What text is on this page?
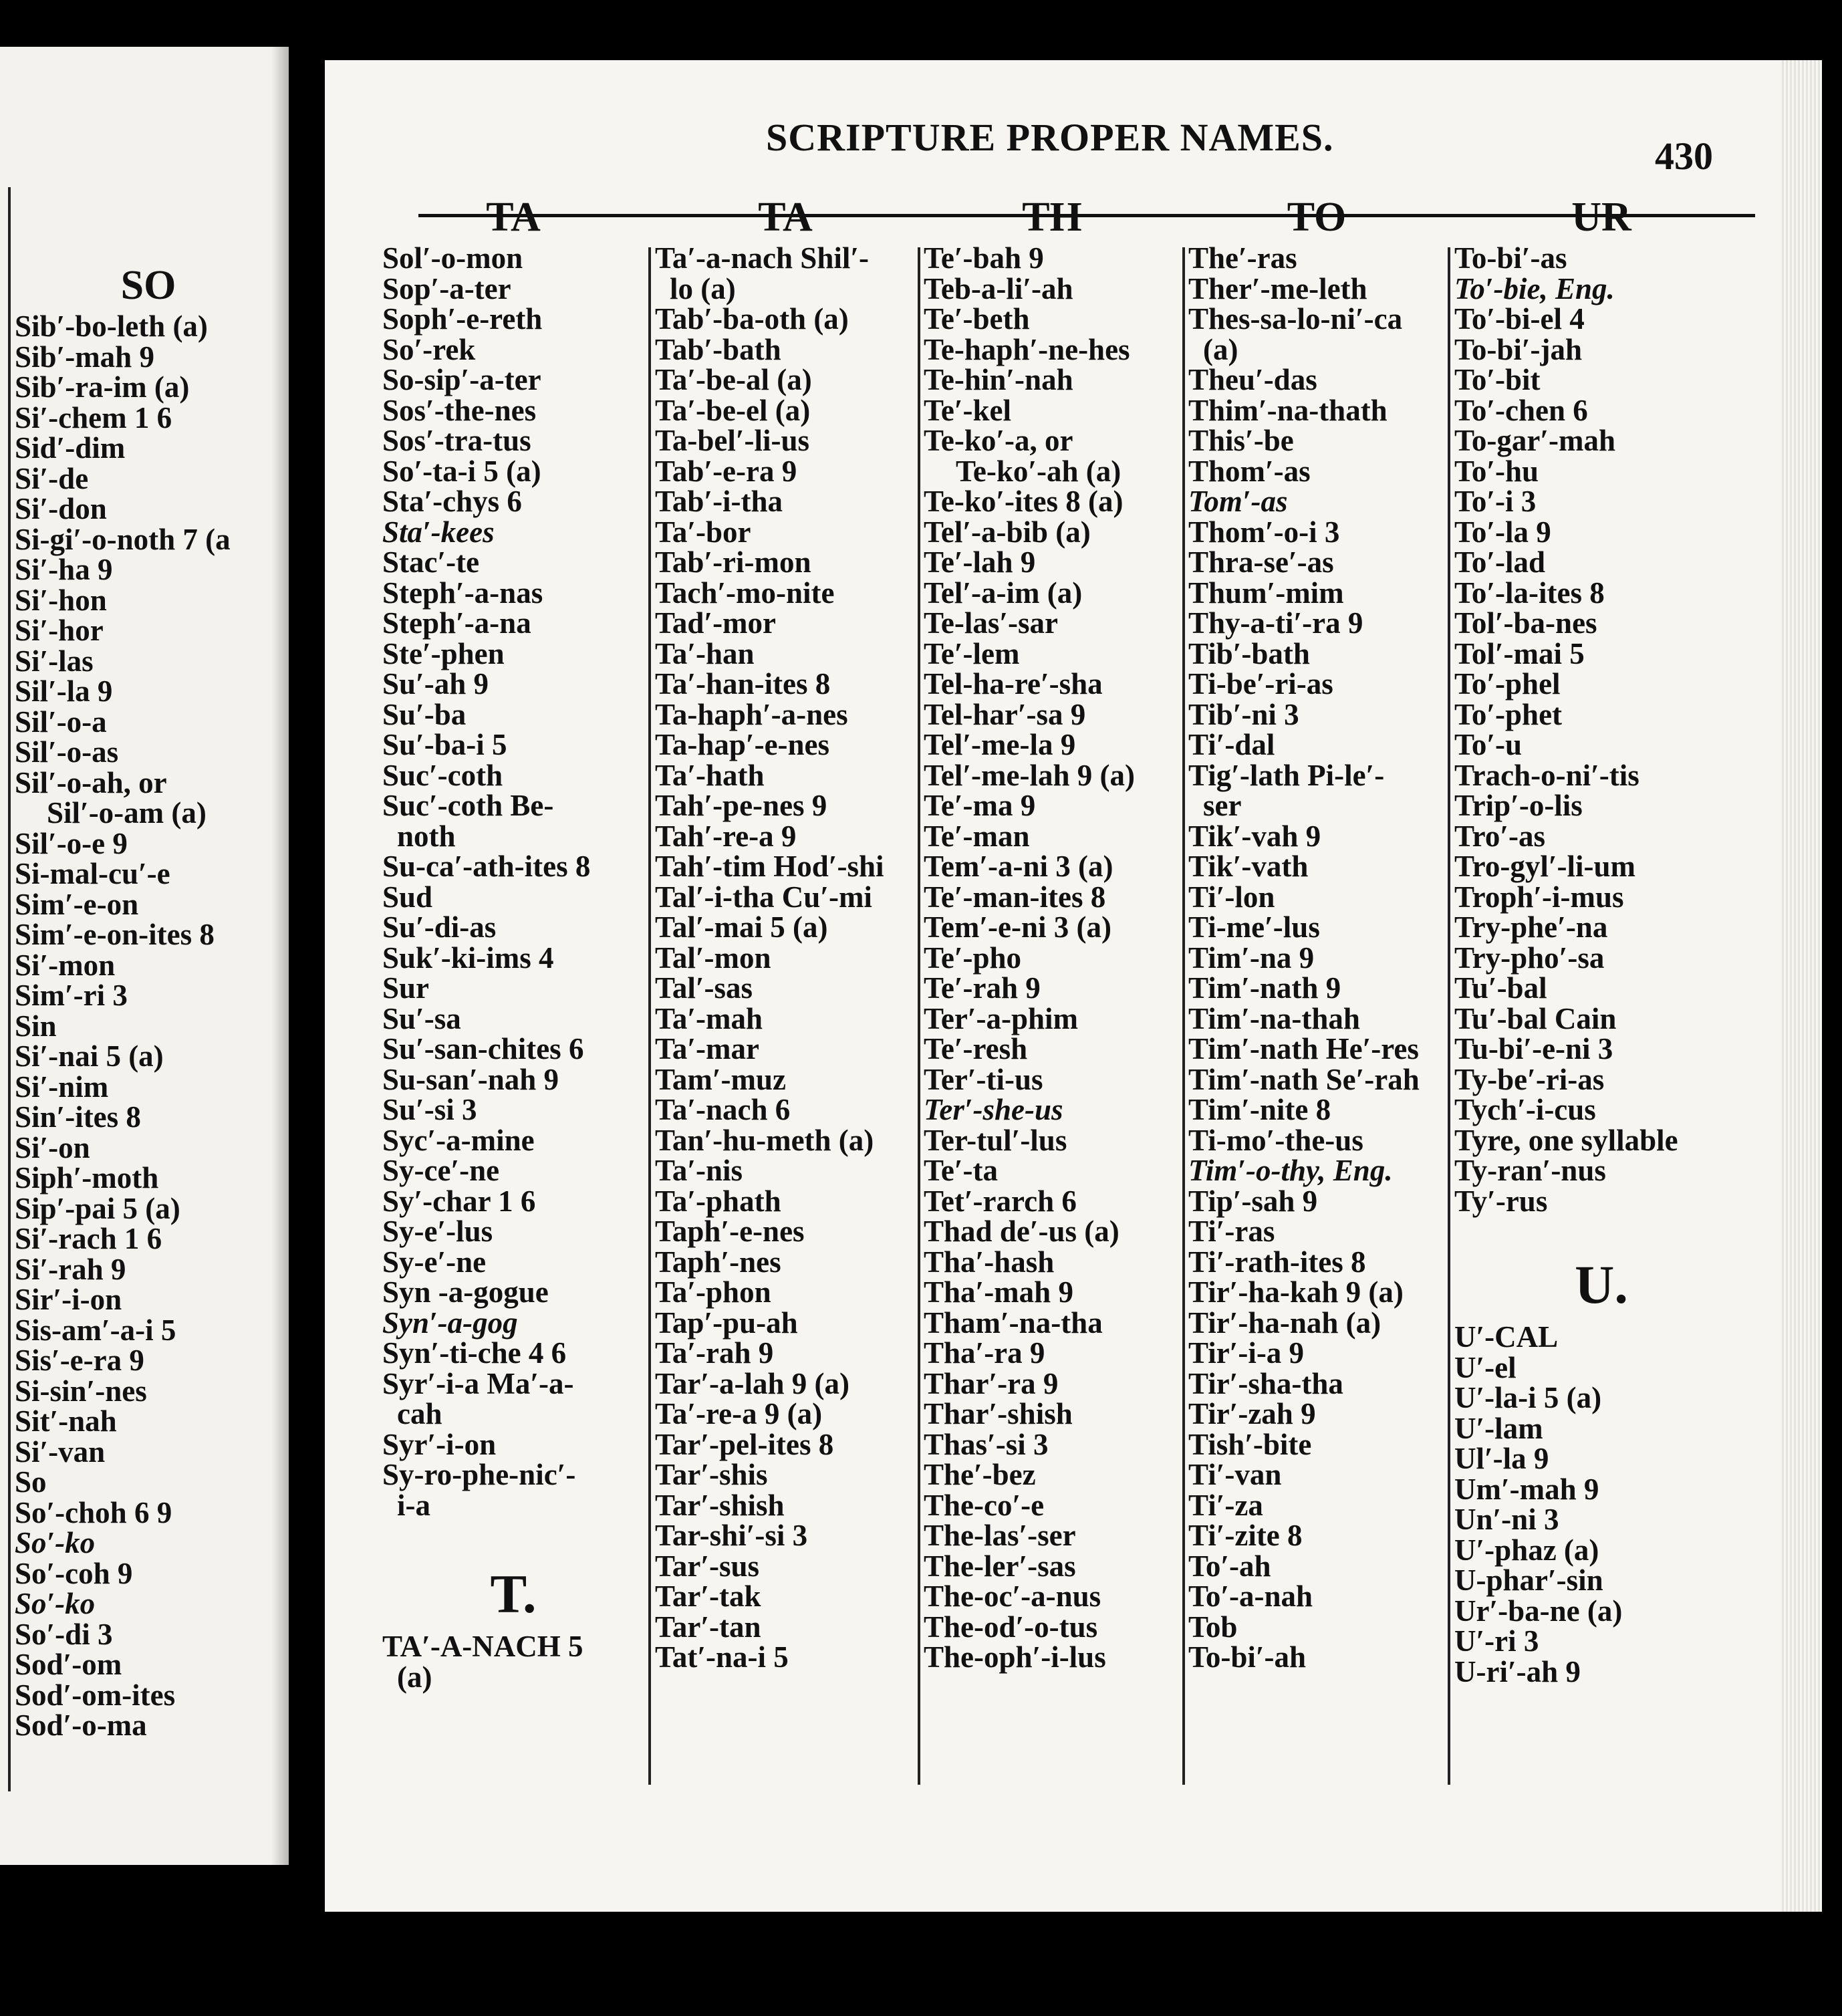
SO
Sib′-bo-leth (a)
Sib′-mah 9
Sib′-ra-im (a)
Si′-chem 1 6
Sid′-dim
Si′-de
Si′-don
Si-gi′-o-noth 7 (a
Si′-ha 9
Si′-hon
Si′-hor
Si′-las
Sil′-la 9
Sil′-o-a
Sil′-o-as
Sil′-o-ah, or
Sil′-o-am (a)
Sil′-o-e 9
Si-mal-cu′-e
Sim′-e-on
Sim′-e-on-ites 8
Si′-mon
Sim′-ri 3
Sin
Si′-nai 5 (a)
Si′-nim
Sin′-ites 8
Si′-on
Siph′-moth
Sip′-pai 5 (a)
Si′-rach 1 6
Si′-rah 9
Sir′-i-on
Sis-am′-a-i 5
Sis′-e-ra 9
Si-sin′-nes
Sit′-nah
Si′-van
So
So′-choh 6 9
So′-ko
So′-coh 9
So′-ko
So′-di 3
Sod′-om
Sod′-om-ites
Sod′-o-ma
SCRIPTURE PROPER NAMES.	430
TA
Sol′-o-mon
Sop′-a-ter
Soph′-e-reth
So′-rek
So-sip′-a-ter
Sos′-the-nes
Sos′-tra-tus
So′-ta-i 5 (a)
Sta′-chys 6
Sta′-kees
Stac′-te
Steph′-a-nas
Steph′-a-na
Ste′-phen
Su′-ah 9
Su′-ba
Su′-ba-i 5
Suc′-coth
Suc′-coth Be-
noth
Su-ca′-ath-ites 8
Sud
Su′-di-as
Suk′-ki-ims 4
Sur
Su′-sa
Su′-san-chites 6
Su-san′-nah 9
Su′-si 3
Syc′-a-mine
Sy-ce′-ne
Sy′-char 1 6
Sy-e′-lus
Sy-e′-ne
Syn -a-gogue
Syn′-a-gog
Syn′-ti-che 4 6
Syr′-i-a Ma′-a-
cah
Syr′-i-on
Sy-ro-phe-nic′-
i-a
T.
TA′-A-NACH 5
(a)
TA
Ta′-a-nach Shil′-
lo (a)
Tab′-ba-oth (a)
Tab′-bath
Ta′-be-al (a)
Ta′-be-el (a)
Ta-bel′-li-us
Tab′-e-ra 9
Tab′-i-tha
Ta′-bor
Tab′-ri-mon
Tach′-mo-nite
Tad′-mor
Ta′-han
Ta′-han-ites 8
Ta-haph′-a-nes
Ta-hap′-e-nes
Ta′-hath
Tah′-pe-nes 9
Tah′-re-a 9
Tah′-tim Hod′-shi
Tal′-i-tha Cu′-mi
Tal′-mai 5 (a)
Tal′-mon
Tal′-sas
Ta′-mah
Ta′-mar
Tam′-muz
Ta′-nach 6
Tan′-hu-meth (a)
Ta′-nis
Ta′-phath
Taph′-e-nes
Taph′-nes
Ta′-phon
Tap′-pu-ah
Ta′-rah 9
Tar′-a-lah 9 (a)
Ta′-re-a 9 (a)
Tar′-pel-ites 8
Tar′-shis
Tar′-shish
Tar-shi′-si 3
Tar′-sus
Tar′-tak
Tar′-tan
Tat′-na-i 5
TH
Te′-bah 9
Teb-a-li′-ah
Te′-beth
Te-haph′-ne-hes
Te-hin′-nah
Te′-kel
Te-ko′-a, or
Te-ko′-ah (a)
Te-ko′-ites 8 (a)
Tel′-a-bib (a)
Te′-lah 9
Tel′-a-im (a)
Te-las′-sar
Te′-lem
Tel-ha-re′-sha
Tel-har′-sa 9
Tel′-me-la 9
Tel′-me-lah 9 (a)
Te′-ma 9
Te′-man
Tem′-a-ni 3 (a)
Te′-man-ites 8
Tem′-e-ni 3 (a)
Te′-pho
Te′-rah 9
Ter′-a-phim
Te′-resh
Ter′-ti-us
Ter′-she-us
Ter-tul′-lus
Te′-ta
Tet′-rarch 6
Thad de′-us (a)
Tha′-hash
Tha′-mah 9
Tham′-na-tha
Tha′-ra 9
Thar′-ra 9
Thar′-shish
Thas′-si 3
The′-bez
The-co′-e
The-las′-ser
The-ler′-sas
The-oc′-a-nus
The-od′-o-tus
The-oph′-i-lus
TO
The′-ras
Ther′-me-leth
Thes-sa-lo-ni′-ca
(a)
Theu′-das
Thim′-na-thath
This′-be
Thom′-as
Tom′-as
Thom′-o-i 3
Thra-se′-as
Thum′-mim
Thy-a-ti′-ra 9
Tib′-bath
Ti-be′-ri-as
Tib′-ni 3
Ti′-dal
Tig′-lath Pi-le′-
ser
Tik′-vah 9
Tik′-vath
Ti′-lon
Ti-me′-lus
Tim′-na 9
Tim′-nath 9
Tim′-na-thah
Tim′-nath He′-res
Tim′-nath Se′-rah
Tim′-nite 8
Ti-mo′-the-us
Tim′-o-thy, Eng.
Tip′-sah 9
Ti′-ras
Ti′-rath-ites 8
Tir′-ha-kah 9 (a)
Tir′-ha-nah (a)
Tir′-i-a 9
Tir′-sha-tha
Tir′-zah 9
Tish′-bite
Ti′-van
Ti′-za
Ti′-zite 8
To′-ah
To′-a-nah
Tob
To-bi′-ah
UR
To-bi′-as
To′-bie, Eng.
To′-bi-el 4
To-bi′-jah
To′-bit
To′-chen 6
To-gar′-mah
To′-hu
To′-i 3
To′-la 9
To′-lad
To′-la-ites 8
Tol′-ba-nes
Tol′-mai 5
To′-phel
To′-phet
To′-u
Trach-o-ni′-tis
Trip′-o-lis
Tro′-as
Tro-gyl′-li-um
Troph′-i-mus
Try-phe′-na
Try-pho′-sa
Tu′-bal
Tu′-bal Cain
Tu-bi′-e-ni 3
Ty-be′-ri-as
Tych′-i-cus
Tyre, one syllable
Ty-ran′-nus
Ty′-rus
U.
U′-CAL
U′-el
U′-la-i 5 (a)
U′-lam
Ul′-la 9
Um′-mah 9
Un′-ni 3
U′-phaz (a)
U-phar′-sin
Ur′-ba-ne (a)
U′-ri 3
U-ri′-ah 9
